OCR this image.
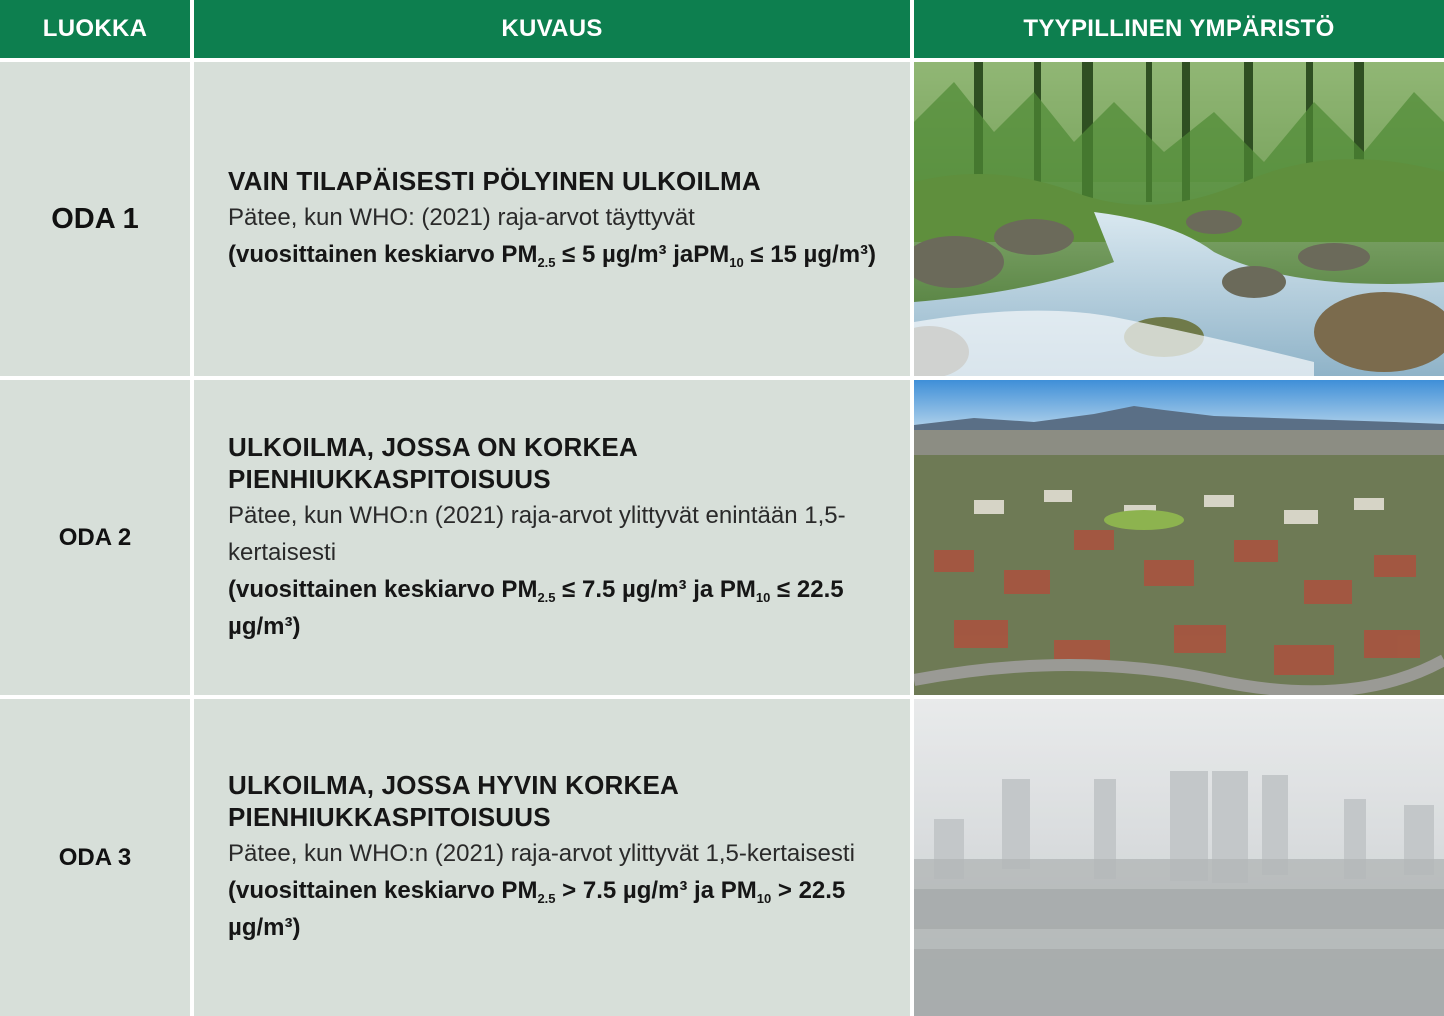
LUOKKA	KUVAUS	TYYPILLINEN YMPÄRISTÖ
ODA 1
VAIN TILAPÄISESTI PÖLYINEN ULKOILMA
Pätee, kun WHO: (2021) raja-arvot täyttyvät
(vuosittainen keskiarvo $PM_{2.5} \le 5$ µg/m³ jaPM$_{10}$ ≤ 15 µg/m³)
ODA 2
ULKOILMA, JOSSA ON KORKEA PIENHIUKKASPITOISUUS
Pätee, kun WHO:n (2021) raja-arvot ylittyvät enintään 1,5-kertaisesti
(vuosittainen keskiarvo $PM_{2.5} \le 7.5$ µg/m³ ja $PM_{10} \le 22.5$ µg/m³)
ODA 3
ULKOILMA, JOSSA HYVIN KORKEA PIENHIUKKASPITOISUUS
Pätee, kun WHO:n (2021) raja-arvot ylittyvät 1,5-kertaisesti
(vuosittainen keskiarvo $PM_{2.5} > 7.5$ µg/m³ ja $PM_{10} > 22.5$ µg/m³)
